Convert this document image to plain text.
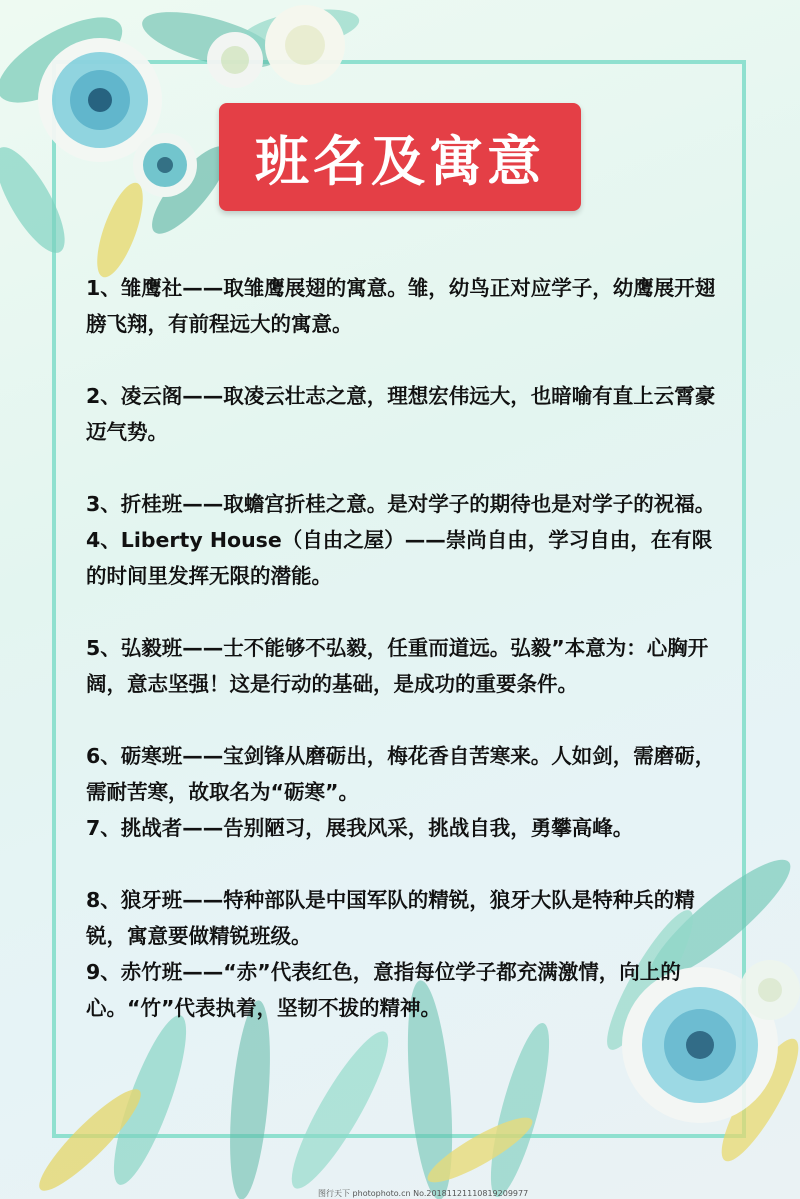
班名及寓意
1、雏鹰社——取雏鹰展翅的寓意。雏，幼鸟正对应学子，幼鹰展开翅膀飞翔，有前程远大的寓意。
2、凌云阁——取凌云壮志之意，理想宏伟远大，也暗喻有直上云霄豪迈气势。
3、折桂班——取蟾宫折桂之意。是对学子的期待也是对学子的祝福。
4、Liberty House（自由之屋）——崇尚自由，学习自由，在有限的时间里发挥无限的潜能。
5、弘毅班——士不能够不弘毅，任重而道远。弘毅”本意为：心胸开阔，意志坚强！这是行动的基础，是成功的重要条件。
6、砺寒班——宝剑锋从磨砺出，梅花香自苦寒来。人如剑，需磨砺，需耐苦寒，故取名为“砺寒”。
7、挑战者——告别陋习，展我风采，挑战自我，勇攀高峰。
8、狼牙班——特种部队是中国军队的精锐，狼牙大队是特种兵的精锐，寓意要做精锐班级。
9、赤竹班——“赤”代表红色，意指每位学子都充满激情，向上的心。“竹”代表执着，坚韧不拔的精神。
图行天下 photophoto.cn No.20181121110819209977
